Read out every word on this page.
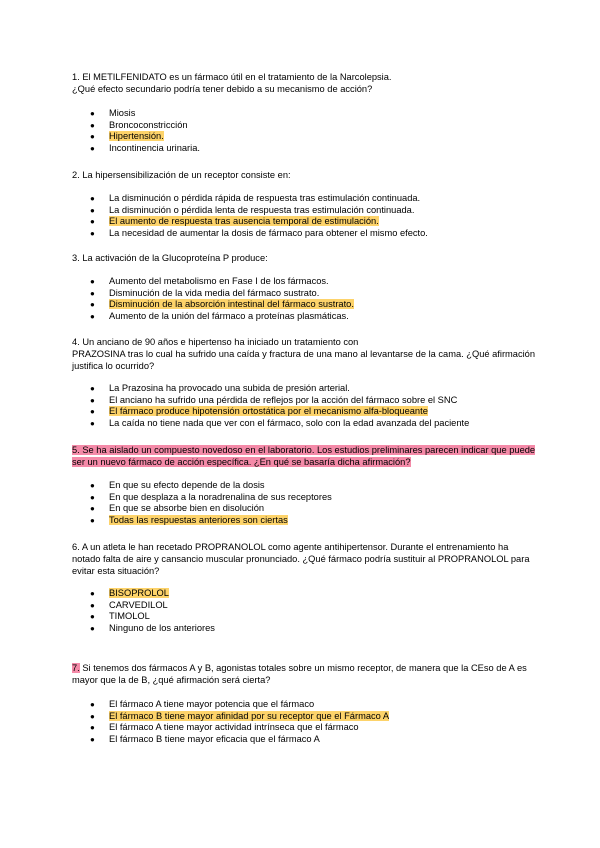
1. El METILFENIDATO es un fármaco útil en el tratamiento de la Narcolepsia.

¿Qué efecto secundario podría tener debido a su mecanismo de acción?

● Miosis
● Broncoconstricción
● Hipertensión.
● Incontinencia urinaria.

2. La hipersensibilización de un receptor consiste en:

● La disminución o pérdida rápida de respuesta tras estimulación continuada.
● La disminución o pérdida lenta de respuesta tras estimulación continuada.
● El aumento de respuesta tras ausencia temporal de estimulación.
● La necesidad de aumentar la dosis de fármaco para obtener el mismo efecto.

3. La activación de la Glucoproteína P produce:

● Aumento del metabolismo en Fase I de los fármacos.
● Disminución de la vida media del fármaco sustrato.
● Disminución de la absorción intestinal del fármaco sustrato.
● Aumento de la unión del fármaco a proteínas plasmáticas.

4. Un anciano de 90 años e hipertenso ha iniciado un tratamiento con

PRAZOSINA tras lo cual ha sufrido una caída y fractura de una mano al levantarse de la cama. ¿Qué afirmación

justifica lo ocurrido?

● La Prazosina ha provocado una subida de presión arterial.
● El anciano ha sufrido una pérdida de reflejos por la acción del fármaco sobre el SNC
● El fármaco produce hipotensión ortostática por el mecanismo alfa-bloqueante
● La caída no tiene nada que ver con el fármaco, solo con la edad avanzada del paciente

5. Se ha aislado un compuesto novedoso en el laboratorio. Los estudios preliminares parecen indicar que puede

ser un nuevo fármaco de acción específica. ¿En qué se basaría dicha afirmación?

● En que su efecto depende de la dosis
● En que desplaza a la noradrenalina de sus receptores
● En que se absorbe bien en disolución
● Todas las respuestas anteriores son ciertas

6. A un atleta le han recetado PROPRANOLOL como agente antihipertensor. Durante el entrenamiento ha

notado falta de aire y cansancio muscular pronunciado. ¿Qué fármaco podría sustituir al PROPRANOLOL para

evitar esta situación?

● BISOPROLOL
● CARVEDILOL
● TIMOLOL
● Ninguno de los anteriores

7. Si tenemos dos fármacos A y B, agonistas totales sobre un mismo receptor, de manera que la CEso de A es

mayor que la de B, ¿qué afirmación será cierta?

● El fármaco A tiene mayor potencia que el fármaco
● El fármaco B tiene mayor afinidad por su receptor que el Fármaco A
● El fármaco A tiene mayor actividad intrínseca que el fármaco
● El fármaco B tiene mayor eficacia que el fármaco A
